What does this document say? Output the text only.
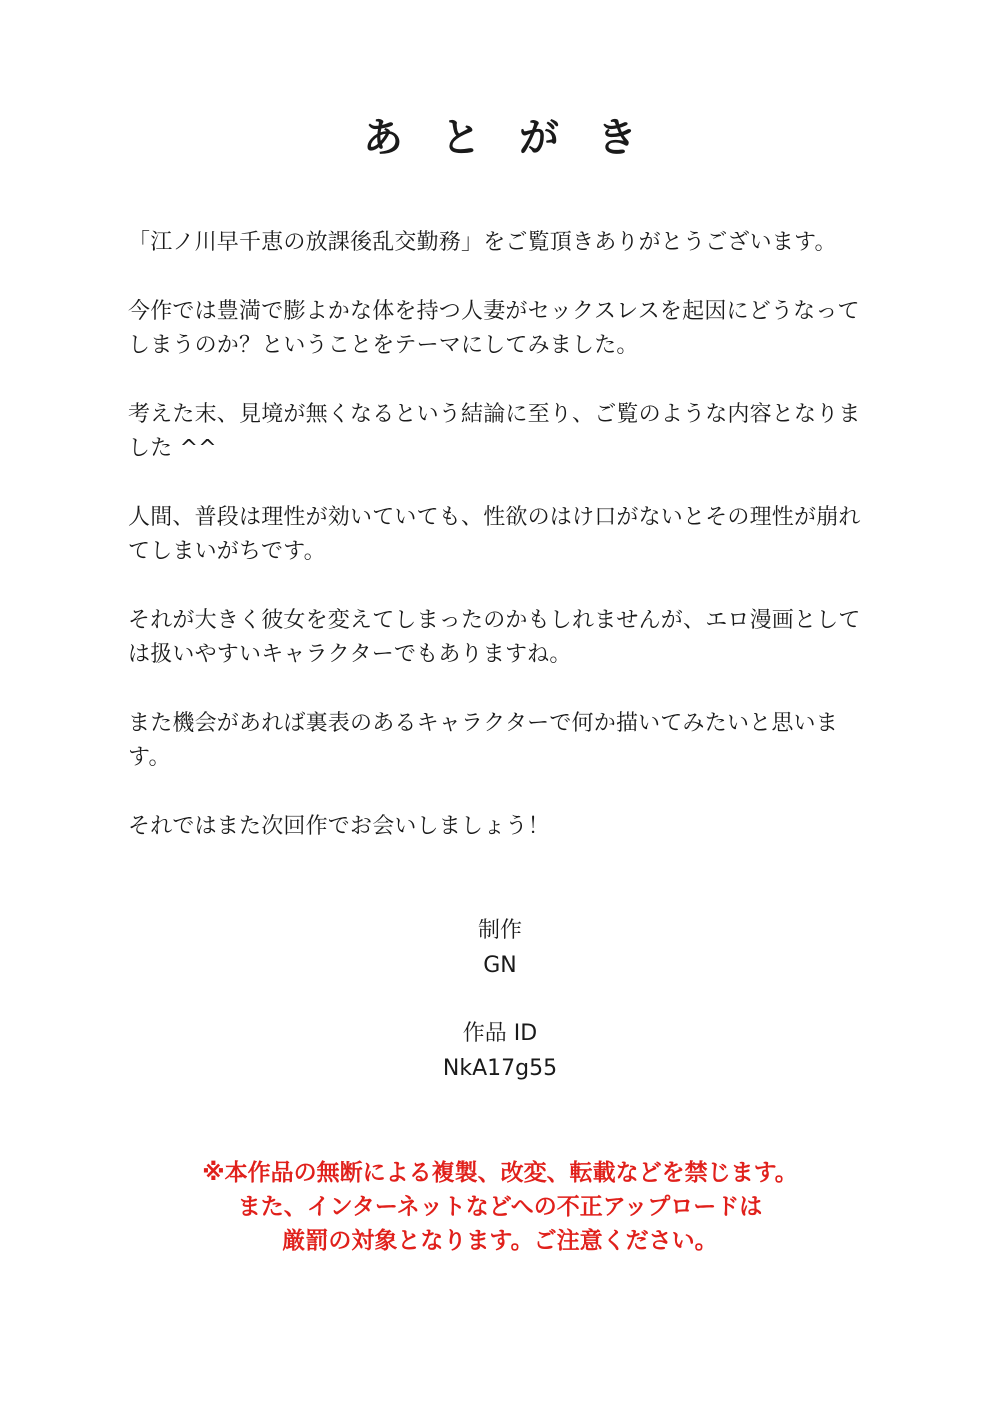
あとがき

「江ノ川早千恵の放課後乱交勤務」をご覧頂きありがとうございます。

今作では豊満で膨よかな体を持つ人妻がセックスレスを起因にどうなってしまうのか？ということをテーマにしてみました。

考えた末、見境が無くなるという結論に至り、ご覧のような内容となりました ^^

人間、普段は理性が効いていても、性欲のはけ口がないとその理性が崩れてしまいがちです。

それが大きく彼女を変えてしまったのかもしれませんが、エロ漫画としては扱いやすいキャラクターでもありますね。

また機会があれば裏表のあるキャラクターで何か描いてみたいと思います。

それではまた次回作でお会いしましょう！

制作
GN
作品 ID
NkA17g55
※本作品の無断による複製、改変、転載などを禁じます。
また、インターネットなどへの不正アップロードは
厳罰の対象となります。ご注意ください。
